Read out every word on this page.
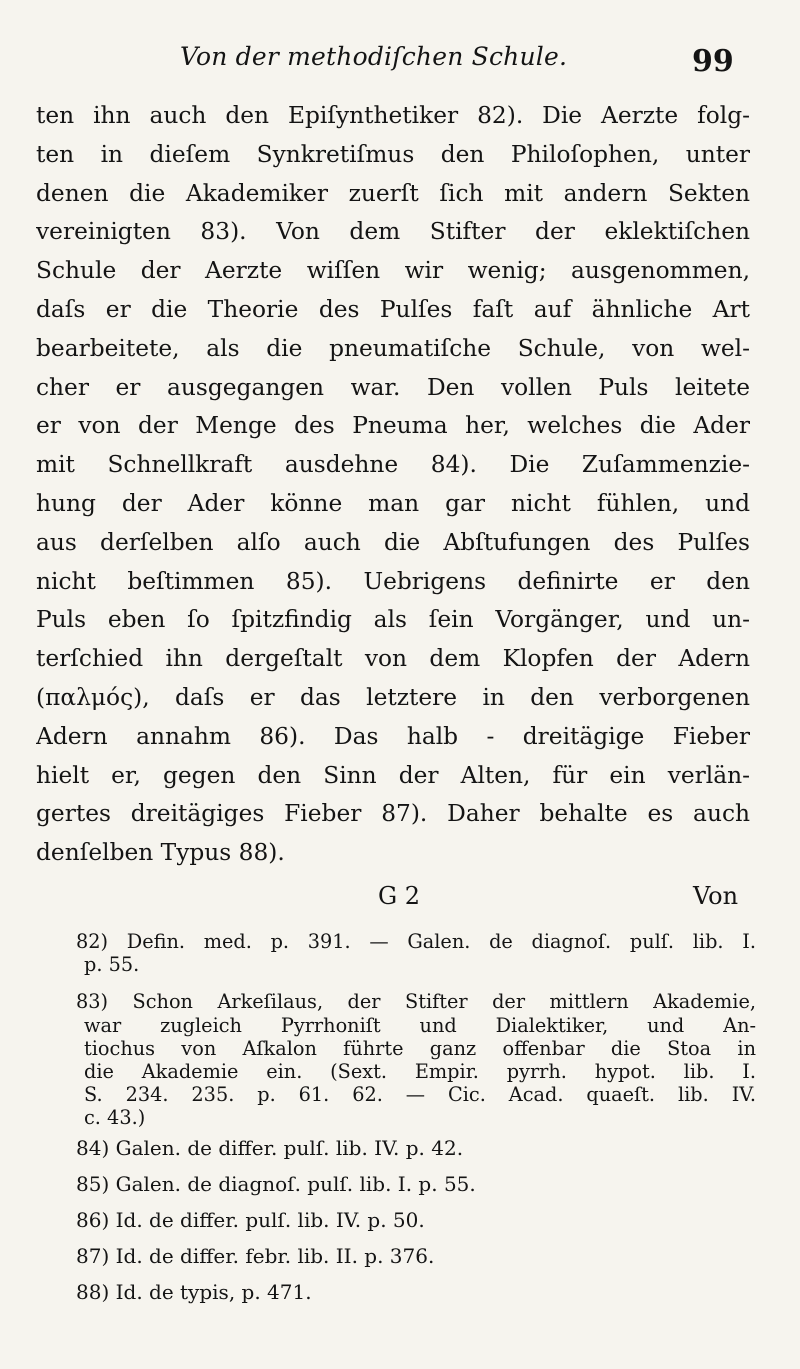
Von der methodiſchen Schule.	99
ten ihn auch den Epiſynthetiker 82). Die Aerzte folg-
ten in dieſem Synkretiſmus den Philoſophen, unter
denen die Akademiker zuerſt ſich mit andern Sekten
vereinigten 83). Von dem Stifter der eklektiſchen
Schule der Aerzte wiſſen wir wenig; ausgenommen,
daſs er die Theorie des Pulſes faſt auf ähnliche Art
bearbeitete, als die pneumatiſche Schule, von wel-
cher er ausgegangen war. Den vollen Puls leitete
er von der Menge des Pneuma her, welches die Ader
mit Schnellkraft ausdehne 84). Die Zuſammenzie-
hung der Ader könne man gar nicht fühlen, und
aus derſelben alſo auch die Abſtufungen des Pulſes
nicht beſtimmen 85). Uebrigens definirte er den
Puls eben ſo ſpitzfindig als ſein Vorgänger, und un-
terſchied ihn dergeſtalt von dem Klopfen der Adern
(παλμός), daſs er das letztere in den verborgenen
Adern annahm 86). Das halb - dreitägige Fieber
hielt er, gegen den Sinn der Alten, für ein verlän-
gertes dreitägiges Fieber 87). Daher behalte es auch
denſelben Typus 88).
G 2	Von
82) Defin. med. p. 391. — Galen. de diagnoſ. pulſ. lib. I.
p. 55.
83) Schon Arkeſilaus, der Stifter der mittlern Akademie,
war zugleich Pyrrhoniſt und Dialektiker, und An-
tiochus von Aſkalon führte ganz offenbar die Stoa in
die Akademie ein. (Sext. Empir. pyrrh. hypot. lib. I.
S. 234. 235. p. 61. 62. — Cic. Acad. quaeſt. lib. IV.
c. 43.)
84) Galen. de differ. pulſ. lib. IV. p. 42.
85) Galen. de diagnoſ. pulſ. lib. I. p. 55.
86) Id. de differ. pulſ. lib. IV. p. 50.
87) Id. de differ. febr. lib. II. p. 376.
88) Id. de typis, p. 471.
